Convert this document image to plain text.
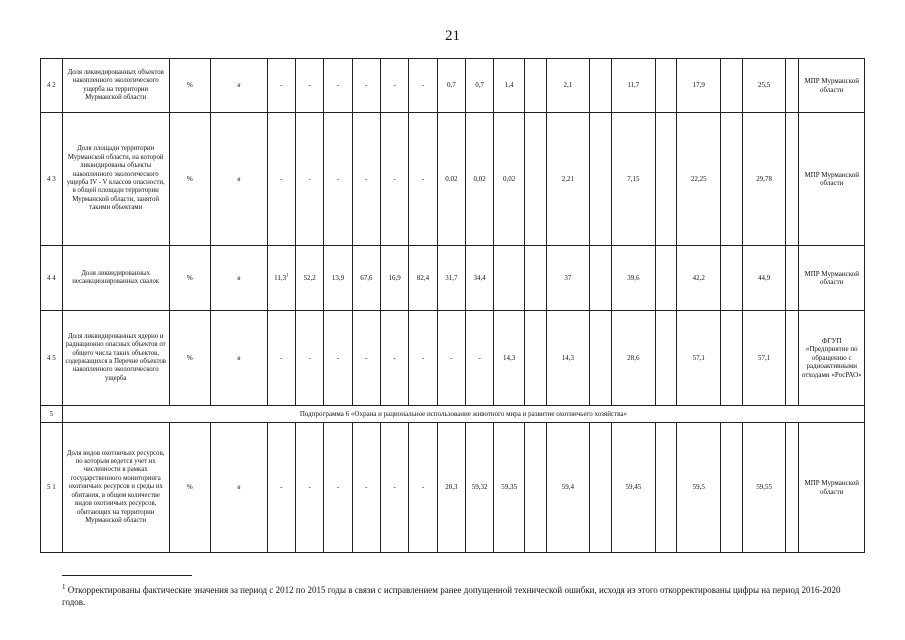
21
4 2	Доля ликвидированных объектов накопленного экологического ущерба на территории Мурманской области	%	в	-	-	-	-	-	-	0,7	0,7	1,4		2,1		11,7		17,9		25,5		МПР Мурманской области
4 3	Доля площади территории Мурманской области, на которой ликвидированы объекты накопленного экологического ущерба IV - V классов опасности, в общей площади территории Мурманской области, занятой такими объектами	%	в	-	-	-	-	-	-	0,02	0,02	0,02		2,21		7,15		22,25		29,78		МПР Мурманской области
4 4	Доля ликвидированных несанкционированных свалок	%	в	11,3$^1$	52,2	13,9	67,6	16,9	82,4	31,7	34,4			37		39,6		42,2		44,9		МПР Мурманской области
4 5	Доля ликвидированных ядерно и радиационно опасных объектов от общего числа таких объектов, содержащихся в Перечне объектов накопленного экологического ущерба	%	в	-	-	-	-	-	-	-	-	14,3		14,3		28,6		57,1		57,1		ФГУП «Предприятие по обращению с радиоактивными отходами «РосРАО»
5	Подпрограмма 6 «Охрана и рациональное использование животного мира и развитие охотничьего хозяйства»																					
5 1	Доля видов охотничьих ресурсов, по которым ведется учет их численности в рамках государственного мониторинга охотничьих ресурсов и среды их обитания, в общем количестве видов охотничьих ресурсов, обитающих на территории Мурманской области	%	в	-	-	-	-	-	-	20,3	59,32	59,35		59,4		59,45		59,5		59,55		МПР Мурманской области
$^1$ Откорректированы фактические значения за период с 2012 по 2015 годы в связи с исправлением ранее допущенной технической ошибки, исходя из этого откорректированы цифры на период 2016-2020 годов.
